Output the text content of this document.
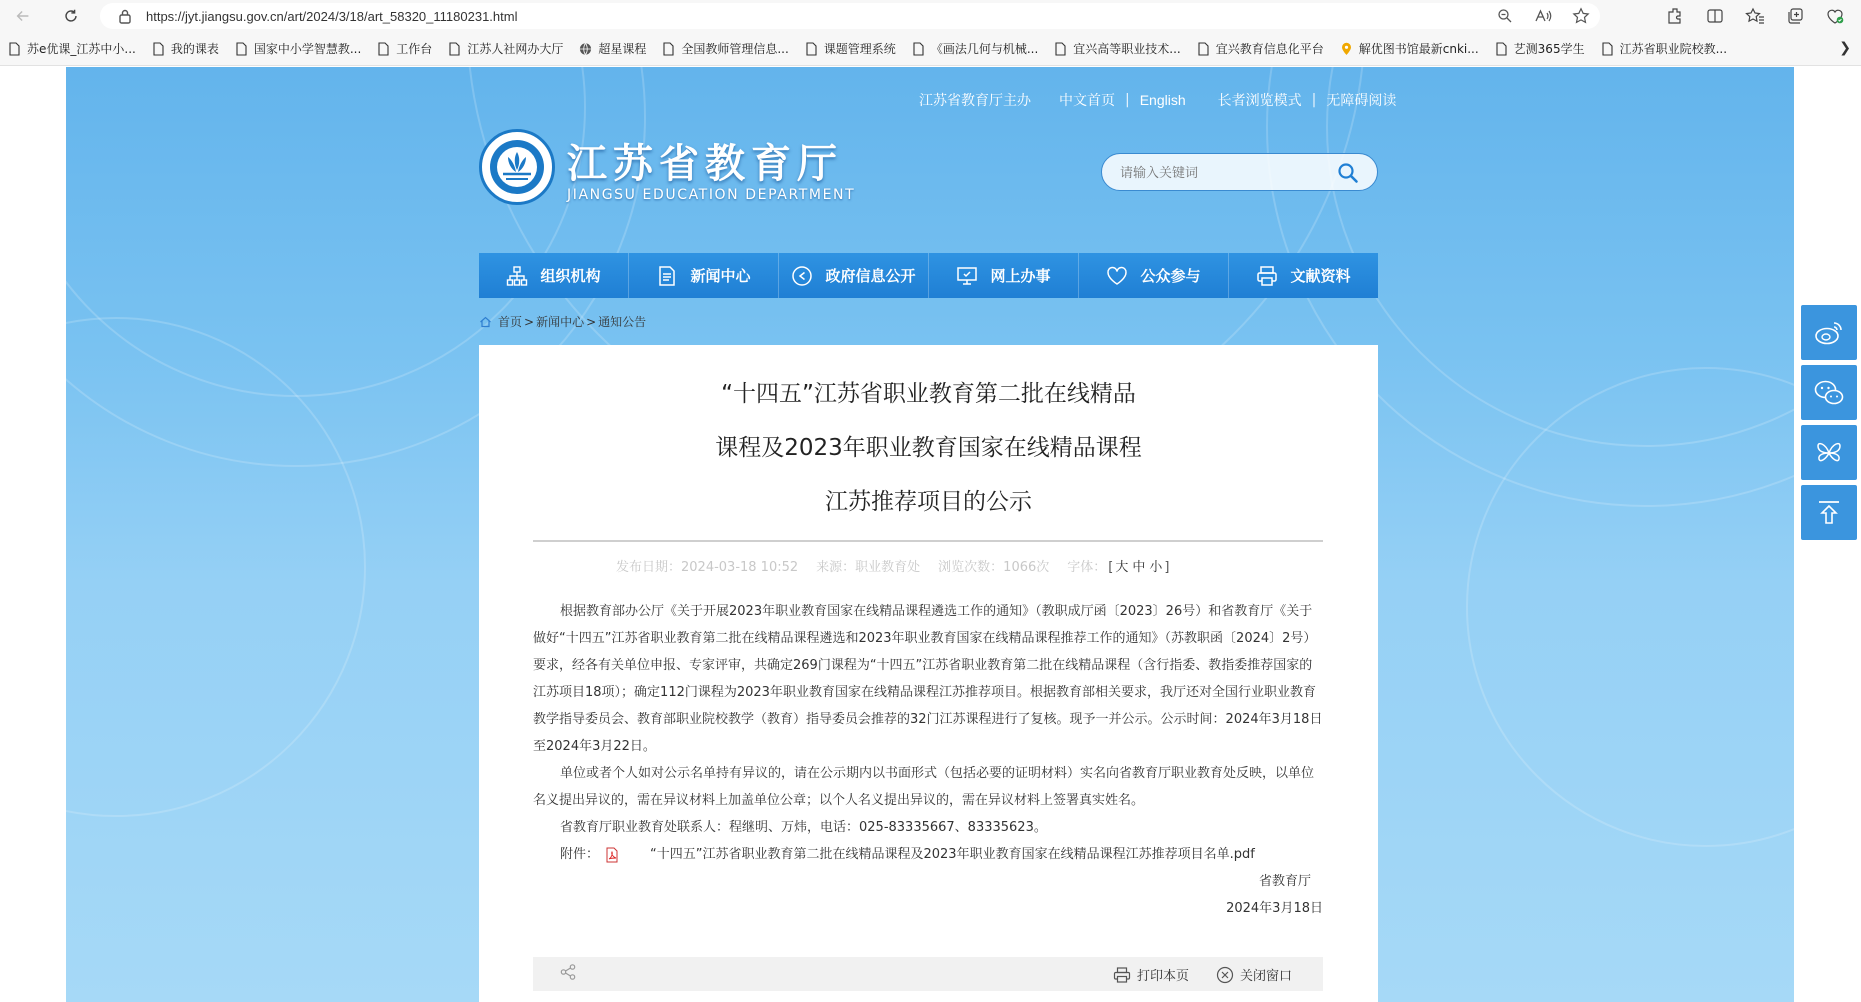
https://jyt.jiangsu.gov.cn/art/2024/3/18/art_58320_11180231.html
苏e优课_江苏中小...	我的课表	国家中小学智慧教...	工作台	江苏人社网办大厅	超星课程	全国教师管理信息...	课题管理系统	《画法几何与机械...	宜兴高等职业技术...	宜兴教育信息化平台	解优图书馆最新cnki...	艺测365学生	江苏省职业院校教...	❯
江苏省教育厅主办 中文首页 | English 长者浏览模式 | 无障碍阅读
江苏省教育厅
JIANGSU EDUCATION DEPARTMENT
请输入关键词
组织机构	新闻中心	政府信息公开	网上办事	公众参与	文献资料
首页 > 新闻中心 > 通知公告
“十四五”江苏省职业教育第二批在线精品
课程及2023年职业教育国家在线精品课程
江苏推荐项目的公示
发布日期：2024-03-18 10:52 来源：职业教育处 浏览次数：1066次 字体： [ 大 中 小 ]

根据教育部办公厅《关于开展2023年职业教育国家在线精品课程遴选工作的通知》（教职成厅函〔2023〕26号）和省教育厅《关于做好“十四五”江苏省职业教育第二批在线精品课程遴选和2023年职业教育国家在线精品课程推荐工作的通知》（苏教职函〔2024〕2号）要求，经各有关单位申报、专家评审，共确定269门课程为“十四五”江苏省职业教育第二批在线精品课程（含行指委、教指委推荐国家的江苏项目18项）；确定112门课程为2023年职业教育国家在线精品课程江苏推荐项目。根据教育部相关要求，我厅还对全国行业职业教育教学指导委员会、教育部职业院校教学（教育）指导委员会推荐的32门江苏课程进行了复核。现予一并公示。公示时间：2024年3月18日至2024年3月22日。

单位或者个人如对公示名单持有异议的，请在公示期内以书面形式（包括必要的证明材料）实名向省教育厅职业教育处反映，以单位名义提出异议的，需在异议材料上加盖单位公章；以个人名义提出异议的，需在异议材料上签署真实姓名。

省教育厅职业教育处联系人：程继明、万炜，电话：025-83335667、83335623。

附件：	“十四五”江苏省职业教育第二批在线精品课程及2023年职业教育国家在线精品课程江苏推荐项目名单.pdf
省教育厅
2024年3月18日
打印本页	关闭窗口
